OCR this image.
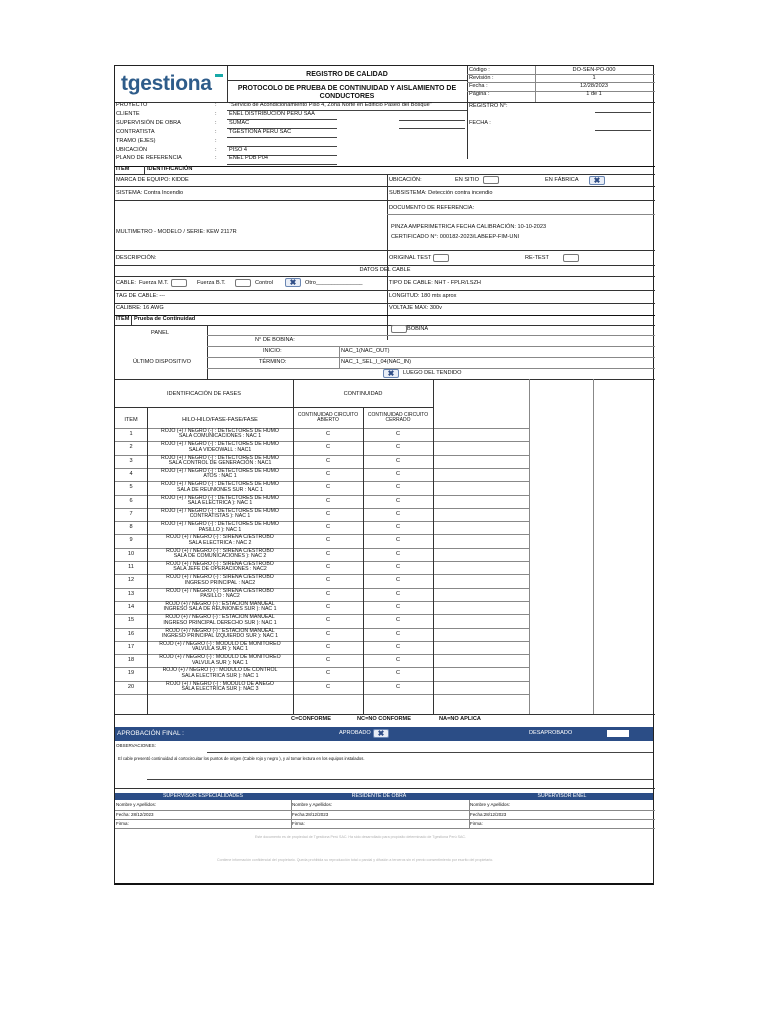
tgestiona	REGISTRO DE CALIDAD
PROTOCOLO DE PRUEBA DE CONTINUIDAD Y AISLAMIENTO DE CONDUCTORES
Código :	DO-SEN-PO-000
Revisión :	1
Fecha :	12/28/2023
Página :	1 de 1
PROYECTO	: "Servicio de Acondicionamiento Piso 4, Zona Norte en Edificio Paseo del Bosque"
CLIENTE	: ENEL DISTRIBUCIÓN PERU SAA
SUPERVISIÓN DE OBRA	: SUMAC
CONTRATISTA	: TGESTIONA PERU SAC
TRAMO (EJES)	:
UBICACIÓN	: PISO 4
PLANO DE REFERENCIA	: ENEL PDB P04
REGISTRO N°:
FECHA :
ITEM	IDENTIFICACIÓN
MARCA DE EQUIPO: KIDDE	UBICACIÓN:	EN SITIO	EN FÁBRICA	✖
SISTEMA: Contra Incendio	SUBSISTEMA: Detección contra incendio
DOCUMENTO DE REFERENCIA:
MULTIMETRO - MODELO / SERIE: KEW 2117R
PINZA AMPERIMETRICA FECHA CALIBRACIÓN: 10-10-2023
CERTIFICADO N°: 000182-2023/LABEEP-FIM-UNI
DESCRIPCIÓN:	ORIGINAL TEST	RE-TEST
DATOS DEL CABLE
CABLE: Fuerza M.T.	Fuerza B.T.	Control	✖	Otro_______________	TIPO DE CABLE: NHT - FPLR/LSZH
TAG DE CABLE: ---	LONGITUD: 180 mts aprox
CALIBRE: 16 AWG	VOLTAJE MAX: 300v
ITEM Prueba de Continuidad
PANEL
BOBINA
N° DE BOBINA:
ÚLTIMO DISPOSITIVO
INICIO:	NAC_1(NAC_OUT)
TÉRMINO:	NAC_1_SEL_I_04(NAC_IN)
✖	LUEGO DEL TENDIDO
IDENTIFICACIÓN DE FASES	CONTINUIDAD
ITEM	HILO-HILO/FASE-FASE/FASE
CONTINUIDAD CIRCUITO ABIERTO
CONTINUIDAD CIRCUITO CERRADO
1	ROJO (+) / NEGRO (-) : DETECTORES DE HUMO
SALA COMUNICACIONES : NAC 1	C	C
2	ROJO (+) / NEGRO (-) : DETECTORES DE HUMO
SALA VIDEOWALL : NAC1	C	C
3	ROJO (+) / NEGRO (-) : DETECTORES DE HUMO
SALA CONTROL DE GENERACIÓN : NAC1	C	C
4	ROJO (+) / NEGRO (-) : DETECTORES DE HUMO
ATOS : NAC 1	C	C
5	ROJO (+) / NEGRO (-) : DETECTORES DE HUMO
SALA DE REUNIONES SUR : NAC 1	C	C
6	ROJO (+) / NEGRO (-) : DETECTORES DE HUMO
SALA ELECTRICA ): NAC 1	C	C
7	ROJO (+) / NEGRO (-) : DETECTORES DE HUMO
CONTRATISTAS ): NAC 1	C	C
8	ROJO (+) / NEGRO (-) : DETECTORES DE HUMO
PASILLO ): NAC 1	C	C
9	ROJO (+) / NEGRO (-) : SIRENA C/ESTROBO
SALA ELECTRICA : NAC 2	C	C
10	ROJO (+) / NEGRO (-) : SIRENA C/ESTROBO
SALA DE COMUNICACIONES ): NAC 2	C	C
11	ROJO (+) / NEGRO (-) : SIRENA C/ESTROBO
SALA JEFE DE OPERACIONES : NAC2	C	C
12	ROJO (+) / NEGRO (-) : SIRENA C/ESTROBO
INGRESO PRINCIPAL : NAC2	C	C
13	ROJO (+) / NEGRO (-) : SIRENA C/ESTROBO
PASILLO : NAC2	C	C
14	ROJO (+) / NEGRO (-) : ESTACION MANUEAL
INGRESO SALA DE REUNIONES SUR ): NAC 1	C	C
15	ROJO (+) / NEGRO (-) : ESTACION MANUEAL
INGRESO PRINCIPAL DERECHO SUR ): NAC 1	C	C
16	ROJO (+) / NEGRO (-) : ESTACION MANUEAL
INGRESO PRINCIPAL IZQUIERDO SUR ): NAC 1	C	C
17	ROJO (+) / NEGRO (-) : MODULO DE MONITOREO
VALVULA SUR ): NAC 1	C	C
18	ROJO (+) / NEGRO (-) : MODULO DE MONITOREO
VALVULA SUR ): NAC 1	C	C
19	ROJO (+) / NEGRO (-) : MODULO DE CONTROL
SALA ELECTRICA SUR ): NAC 1	C	C
20	ROJO (+) / NEGRO (-) : MODULO DE ANEGO
SALA ELECTRICA SUR ): NAC 3	C	C
C=CONFORME	NC=NO CONFORME	NA=NO APLICA
APROBACIÓN FINAL :	APROBADO ✖	DESAPROBADO
OBSERVACIONES:
El cable presentó continuidad al cortocircuitar los puntos de origen (Cable rojo y negro ), y al tomar lectura en los equipos instalados.
SUPERVISOR ESPECIALIDADES
Nombre y Apellidos:
Fecha: 28/12/2023
Firma:
RESIDENTE DE OBRA
Nombre y Apellidos:
Fecha:28/12/2023
Firma:
SUPERVISOR ENEL
Nombre y Apellidos:
Fecha:28/12/2023
Firma:
Este documento es de propiedad de Tgestiona Perú SAC. Ha sido desarrollado para propósito determinado de Tgestiona Perú SAC.
Contiene información confidencial del propietario. Queda prohibida su reproducción total o parcial y difusión a terceros sin el previo consentimiento por escrito del propietario.
